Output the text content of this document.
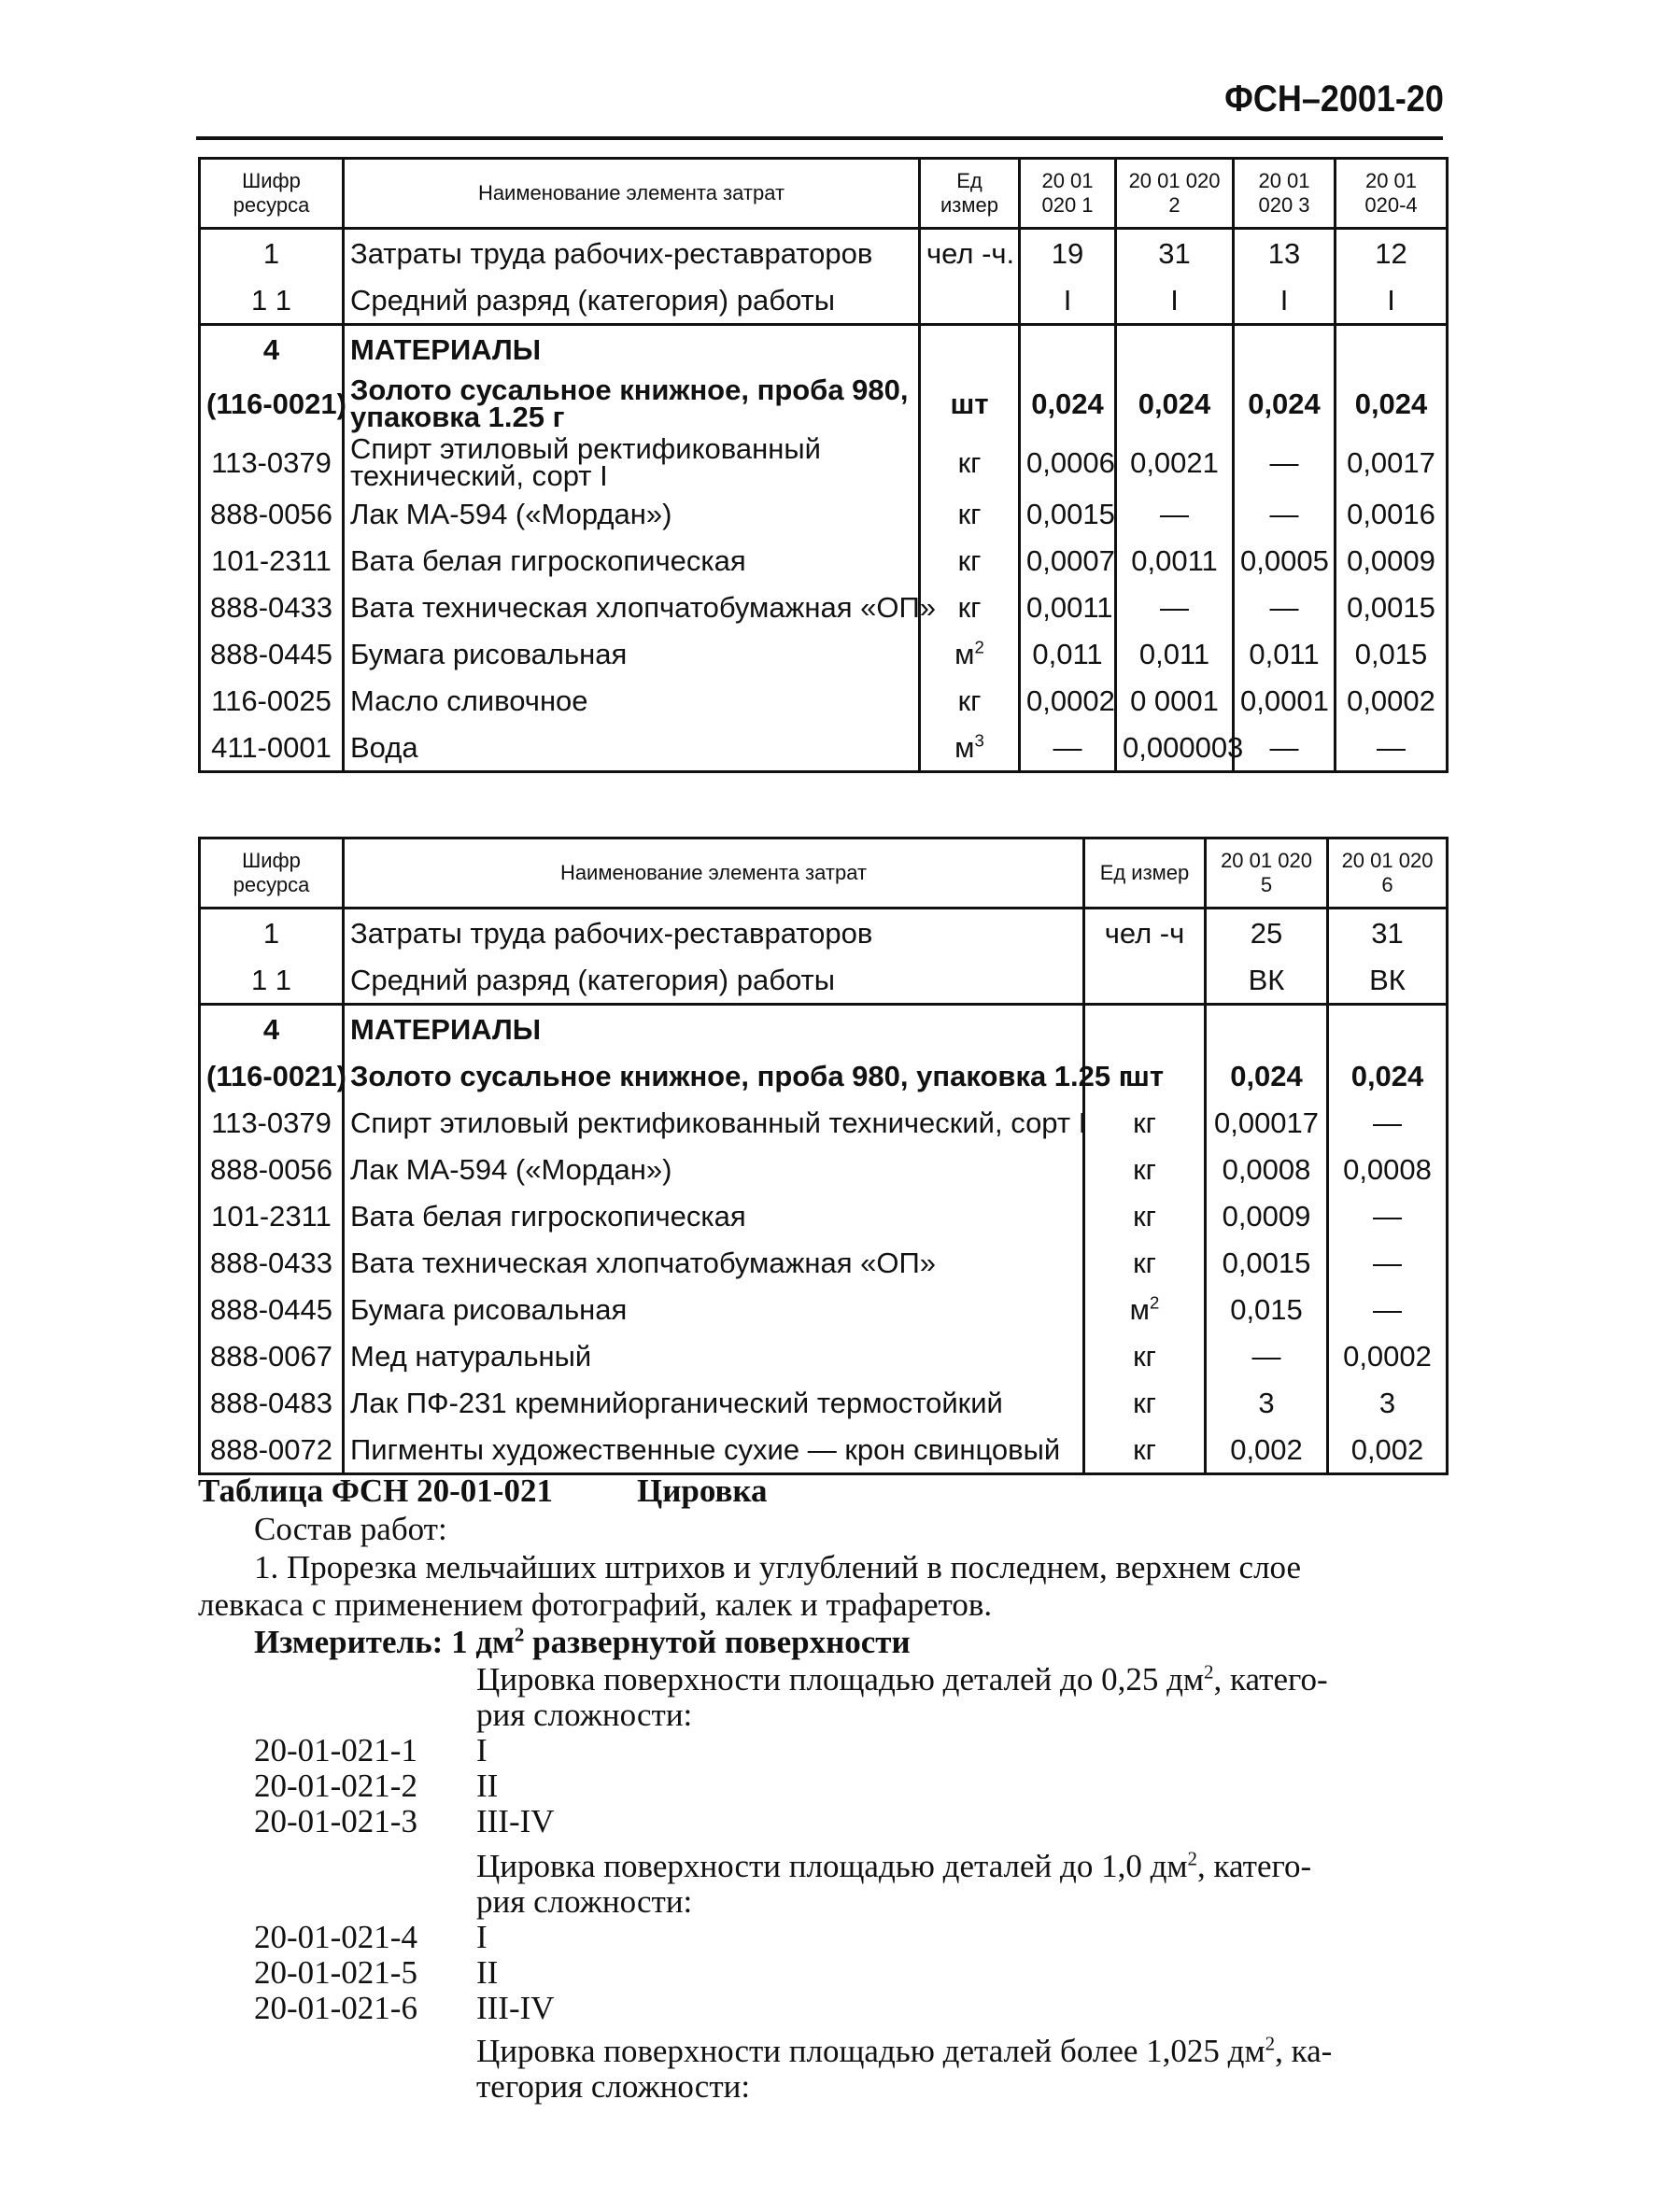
ФСН–2001-20
Шифр ресурса	Наименование элемента затрат	Ед измер	20 01 020 1	20 01 020 2	20 01 020 3	20 01 020-4
1	Затраты труда рабочих-реставраторов	чел -ч.	19	31	13	12
1 1	Средний разряд (категория) работы		I	I	I	I
4	МАТЕРИАЛЫ					
(116-0021)	Золото сусальное книжное, проба 980, упаковка 1.25 г	шт	0,024	0,024	0,024	0,024
113-0379	Спирт этиловый ректификованный технический, сорт I	кг	0,0006	0,0021	—	0,0017
888-0056	Лак МА-594 («Мордан»)	кг	0,0015	—	—	0,0016
101-2311	Вата белая гигроскопическая	кг	0,0007	0,0011	0,0005	0,0009
888-0433	Вата техническая хлопчатобумажная «ОП»	кг	0,0011	—	—	0,0015
888-0445	Бумага рисовальная	$м^2$	0,011	0,011	0,011	0,015
116-0025	Масло сливочное	кг	0,0002	0 0001	0,0001	0,0002
411-0001	Вода	$м^3$	—	0,000003	—	—
Шифр ресурса	Наименование элемента затрат	Ед измер	20 01 020 5	20 01 020 6
1	Затраты труда рабочих-реставраторов	чел -ч	25	31
1 1	Средний разряд (категория) работы		ВК	ВК
4	МАТЕРИАЛЫ			
(116-0021)	Золото сусальное книжное, проба 980, упаковка 1.25 г	шт	0,024	0,024
113-0379	Спирт этиловый ректификованный технический, сорт I	кг	0,00017	—
888-0056	Лак МА-594 («Мордан»)	кг	0,0008	0,0008
101-2311	Вата белая гигроскопическая	кг	0,0009	—
888-0433	Вата техническая хлопчатобумажная «ОП»	кг	0,0015	—
888-0445	Бумага рисовальная	$м^2$	0,015	—
888-0067	Мед натуральный	кг	—	0,0002
888-0483	Лак ПФ-231 кремнийорганический термостойкий	кг	3	3
888-0072	Пигменты художественные сухие — крон свинцовый	кг	0,002	0,002
Таблица ФСН 20-01-021	Цировка
Состав работ:
1. Прорезка мельчайших штрихов и углублений в последнем, верхнем слое
левкаса с применением фотографий, калек и трафаретов.
Измеритель: 1 $дм^2$ развернутой поверхности
Цировка поверхности площадью деталей до 0,25 $дм^2$, катего-
рия сложности:
20-01-021-1 I
20-01-021-2 II
20-01-021-3 III-IV
Цировка поверхности площадью деталей до 1,0 $дм^2$, катего-
рия сложности:
20-01-021-4 I
20-01-021-5 II
20-01-021-6 III-IV
Цировка поверхности площадью деталей более 1,025 $дм^2$, ка-
тегория сложности:
